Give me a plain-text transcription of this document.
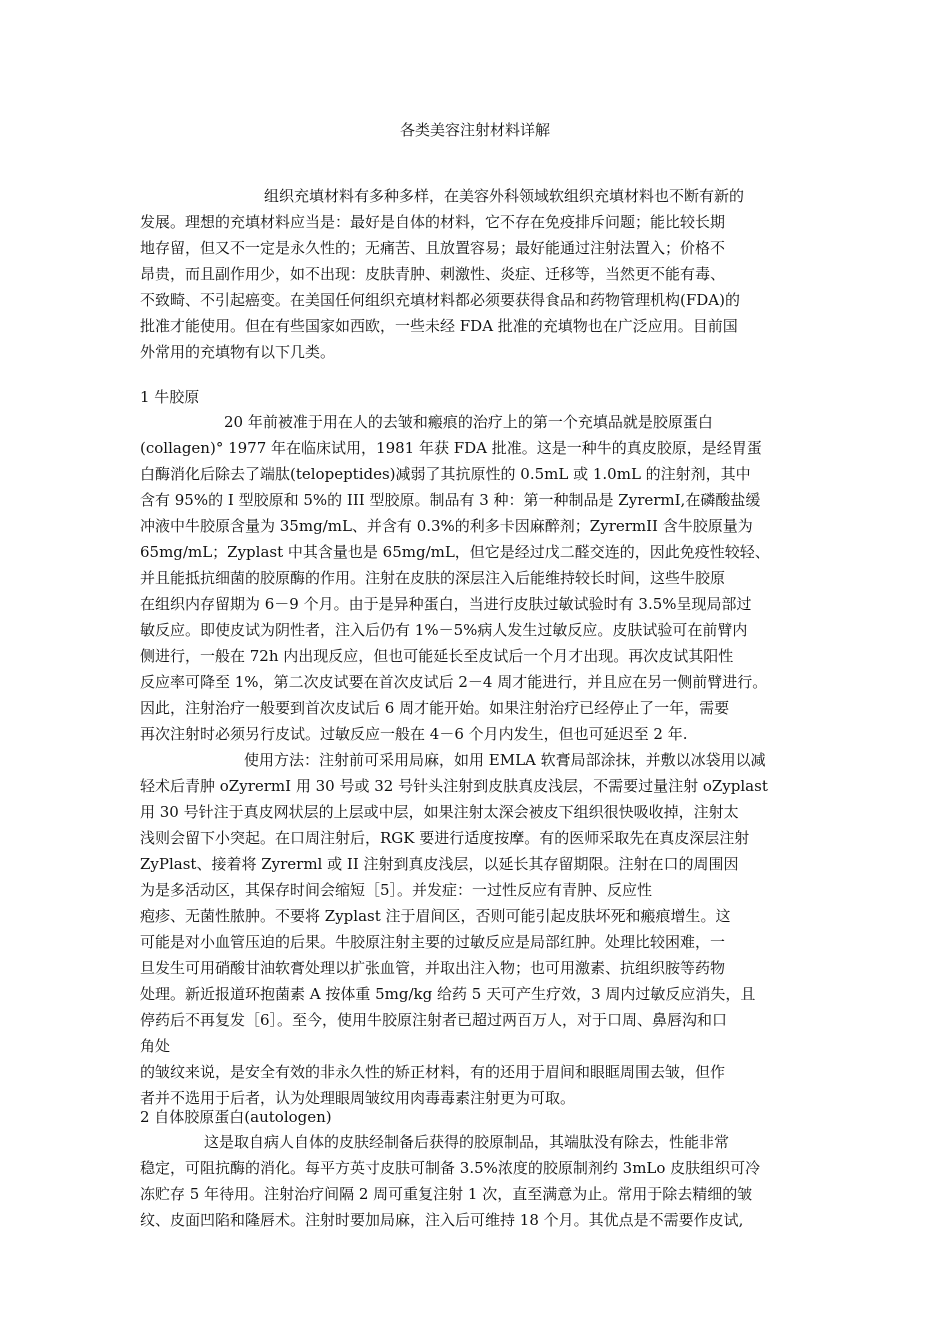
各类美容注射材料详解
组织充填材料有多种多样，在美容外科领域软组织充填材料也不断有新的
发展。理想的充填材料应当是：最好是自体的材料，它不存在免疫排斥问题；能比较长期
地存留，但又不一定是永久性的；无痛苦、且放置容易；最好能通过注射法置入；价格不
昂贵，而且副作用少，如不出现：皮肤青肿、刺激性、炎症、迁移等，当然更不能有毒、
不致畸、不引起癌变。在美国任何组织充填材料都必须要获得食品和药物管理机构(FDA)的
批准才能使用。但在有些国家如西欧，一些未经 FDA 批准的充填物也在广泛应用。目前国
外常用的充填物有以下几类。
1 牛胶原
20 年前被准于用在人的去皱和瘢痕的治疗上的第一个充填品就是胶原蛋白
(collagen)° 1977 年在临床试用，1981 年获 FDA 批准。这是一种牛的真皮胶原，是经胃蛋
白酶消化后除去了端肽(telopeptides)减弱了其抗原性的 0.5mL 或 1.0mL 的注射剂，其中
含有 95%的 I 型胶原和 5%的 III 型胶原。制品有 3 种：第一种制品是 ZyrermI,在磷酸盐缓
冲液中牛胶原含量为 35mg/mL、并含有 0.3%的利多卡因麻醉剂；ZyrermII 含牛胶原量为
65mg/mL；Zyplast 中其含量也是 65mg/mL，但它是经过戊二醛交连的，因此免疫性较轻、
并且能抵抗细菌的胶原酶的作用。注射在皮肤的深层注入后能维持较长时间，这些牛胶原
在组织内存留期为 6－9 个月。由于是异种蛋白，当进行皮肤过敏试验时有 3.5%呈现局部过
敏反应。即使皮试为阴性者，注入后仍有 1%－5%病人发生过敏反应。皮肤试验可在前臂内
侧进行，一般在 72h 内出现反应，但也可能延长至皮试后一个月才出现。再次皮试其阳性
反应率可降至 1%，第二次皮试要在首次皮试后 2－4 周才能进行，并且应在另一侧前臂进行。
因此，注射治疗一般要到首次皮试后 6 周才能开始。如果注射治疗已经停止了一年，需要
再次注射时必须另行皮试。过敏反应一般在 4－6 个月内发生，但也可延迟至 2 年.
使用方法：注射前可采用局麻，如用 EMLA 软膏局部涂抹，并敷以冰袋用以减
轻术后青肿 oZyrermI 用 30 号或 32 号针头注射到皮肤真皮浅层，不需要过量注射 oZyplast
用 30 号针注于真皮网状层的上层或中层，如果注射太深会被皮下组织很快吸收掉，注射太
浅则会留下小突起。在口周注射后，RGK 要进行适度按摩。有的医师采取先在真皮深层注射
ZyPlast、接着将 Zyrerml 或 II 注射到真皮浅层，以延长其存留期限。注射在口的周围因
为是多活动区，其保存时间会缩短［5］。并发症：一过性反应有青肿、反应性
疱疹、无菌性脓肿。不要将 Zyplast 注于眉间区，否则可能引起皮肤坏死和瘢痕增生。这
可能是对小血管压迫的后果。牛胶原注射主要的过敏反应是局部红肿。处理比较困难，一
旦发生可用硝酸甘油软膏处理以扩张血管，并取出注入物；也可用激素、抗组织胺等药物
处理。新近报道环抱菌素 A 按体重 5mg/kg 给药 5 天可产生疗效，3 周内过敏反应消失，且
停药后不再复发［6］。至今，使用牛胶原注射者已超过两百万人，对于口周、鼻唇沟和口
角处
的皱纹来说，是安全有效的非永久性的矫正材料，有的还用于眉间和眼眶周围去皱，但作
者并不选用于后者，认为处理眼周皱纹用肉毒毒素注射更为可取。
2 自体胶原蛋白(autologen)
这是取自病人自体的皮肤经制备后获得的胶原制品，其端肽没有除去，性能非常
稳定，可阻抗酶的消化。每平方英寸皮肤可制备 3.5%浓度的胶原制剂约 3mLo 皮肤组织可冷
冻贮存 5 年待用。注射治疗间隔 2 周可重复注射 1 次，直至满意为止。常用于除去精细的皱
纹、皮面凹陷和隆唇术。注射时要加局麻，注入后可维持 18 个月。其优点是不需要作皮试,
